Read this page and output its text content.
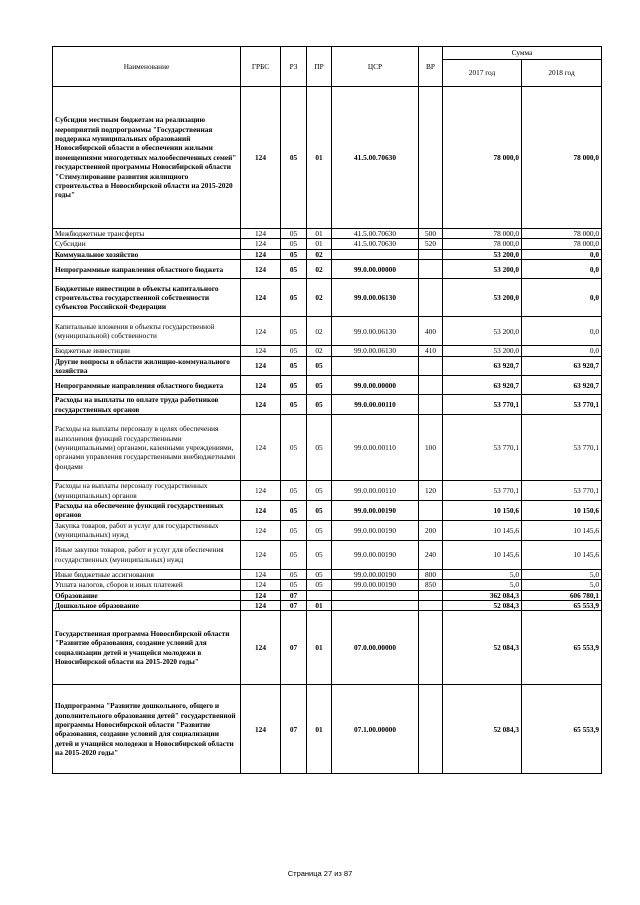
Наименование	ГРБС	РЗ	ПР	ЦСР	ВР	Сумма	
						2017 год	2018 год
Субсидии местным бюджетам на реализацию мероприятий подпрограммы "Государственная поддержка муниципальных образований Новосибирской области в обеспечении жилыми помещениями многодетных малообеспеченных семей" государственной программы Новосибирской области "Стимулирование развития жилищного строительства в Новосибирской области на 2015-2020 годы"	124	05	01	41.5.00.70630		78 000,0	78 000,0
Межбюджетные трансферты	124	05	01	41.5.00.70630	500	78 000,0	78 000,0
Субсидии	124	05	01	41.5.00.70630	520	78 000,0	78 000,0
Коммунальное хозяйство	124	05	02			53 200,0	0,0
Непрограммные направления областного бюджета	124	05	02	99.0.00.00000		53 200,0	0,0
Бюджетные инвестиции в объекты капитального строительства государственной собственности субъектов Российской Федерации	124	05	02	99.0.00.06130		53 200,0	0,0
Капитальные вложения в объекты государственной (муниципальной) собственности	124	05	02	99.0.00.06130	400	53 200,0	0,0
Бюджетные инвестиции	124	05	02	99.0.00.06130	410	53 200,0	0,0
Другие вопросы в области жилищно-коммунального хозяйства	124	05	05			63 920,7	63 920,7
Непрограммные направления областного бюджета	124	05	05	99.0.00.00000		63 920,7	63 920,7
Расходы на выплаты по оплате труда работников государственных органов	124	05	05	99.0.00.00110		53 770,1	53 770,1
Расходы на выплаты персоналу в целях обеспечения выполнения функций государственными (муниципальными) органами, казенными учреждениями, органами управления государственными внебюджетными фондами	124	05	05	99.0.00.00110	100	53 770,1	53 770,1
Расходы на выплаты персоналу государственных (муниципальных) органов	124	05	05	99.0.00.00110	120	53 770,1	53 770,1
Расходы на обеспечение функций государственных органов	124	05	05	99.0.00.00190		10 150,6	10 150,6
Закупка товаров, работ и услуг для государственных (муниципальных) нужд	124	05	05	99.0.00.00190	200	10 145,6	10 145,6
Иные закупки товаров, работ и услуг для обеспечения государственных (муниципальных) нужд	124	05	05	99.0.00.00190	240	10 145,6	10 145,6
Иные бюджетные ассигнования	124	05	05	99.0.00.00190	800	5,0	5,0
Уплата налогов, сборов и иных платежей	124	05	05	99.0.00.00190	850	5,0	5,0
Образование	124	07				362 084,3	606 780,1
Дошкольное образование	124	07	01			52 084,3	65 553,9
Государственная программа Новосибирской области "Развитие образования, создание условий для социализации детей и учащейся молодежи в Новосибирской области на 2015-2020 годы"	124	07	01	07.0.00.00000		52 084,3	65 553,9
Подпрограмма "Развитие дошкольного, общего и дополнительного образования детей" государственной программы Новосибирской области "Развитие образования, создание условий для социализации детей и учащейся молодежи в Новосибирской области на 2015-2020 годы"	124	07	01	07.1.00.00000		52 084,3	65 553,9
Страница 27 из 87
